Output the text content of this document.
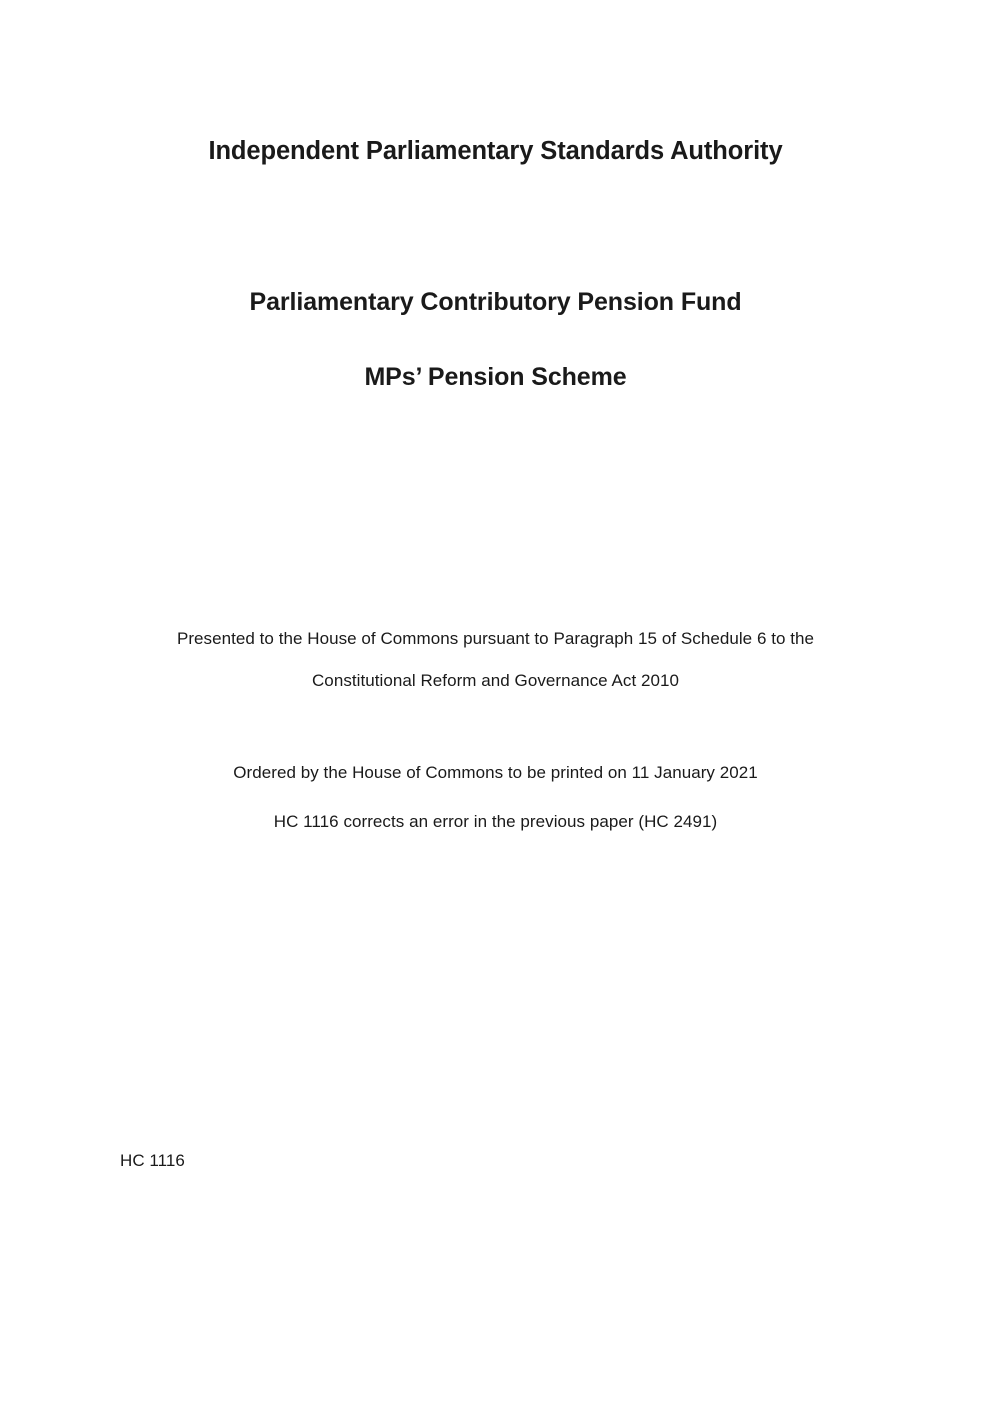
Independent Parliamentary Standards Authority
Parliamentary Contributory Pension Fund
MPs’ Pension Scheme
Presented to the House of Commons pursuant to Paragraph 15 of Schedule 6 to the
Constitutional Reform and Governance Act 2010
Ordered by the House of Commons to be printed on 11 January 2021
HC 1116 corrects an error in the previous paper (HC 2491)
HC 1116
